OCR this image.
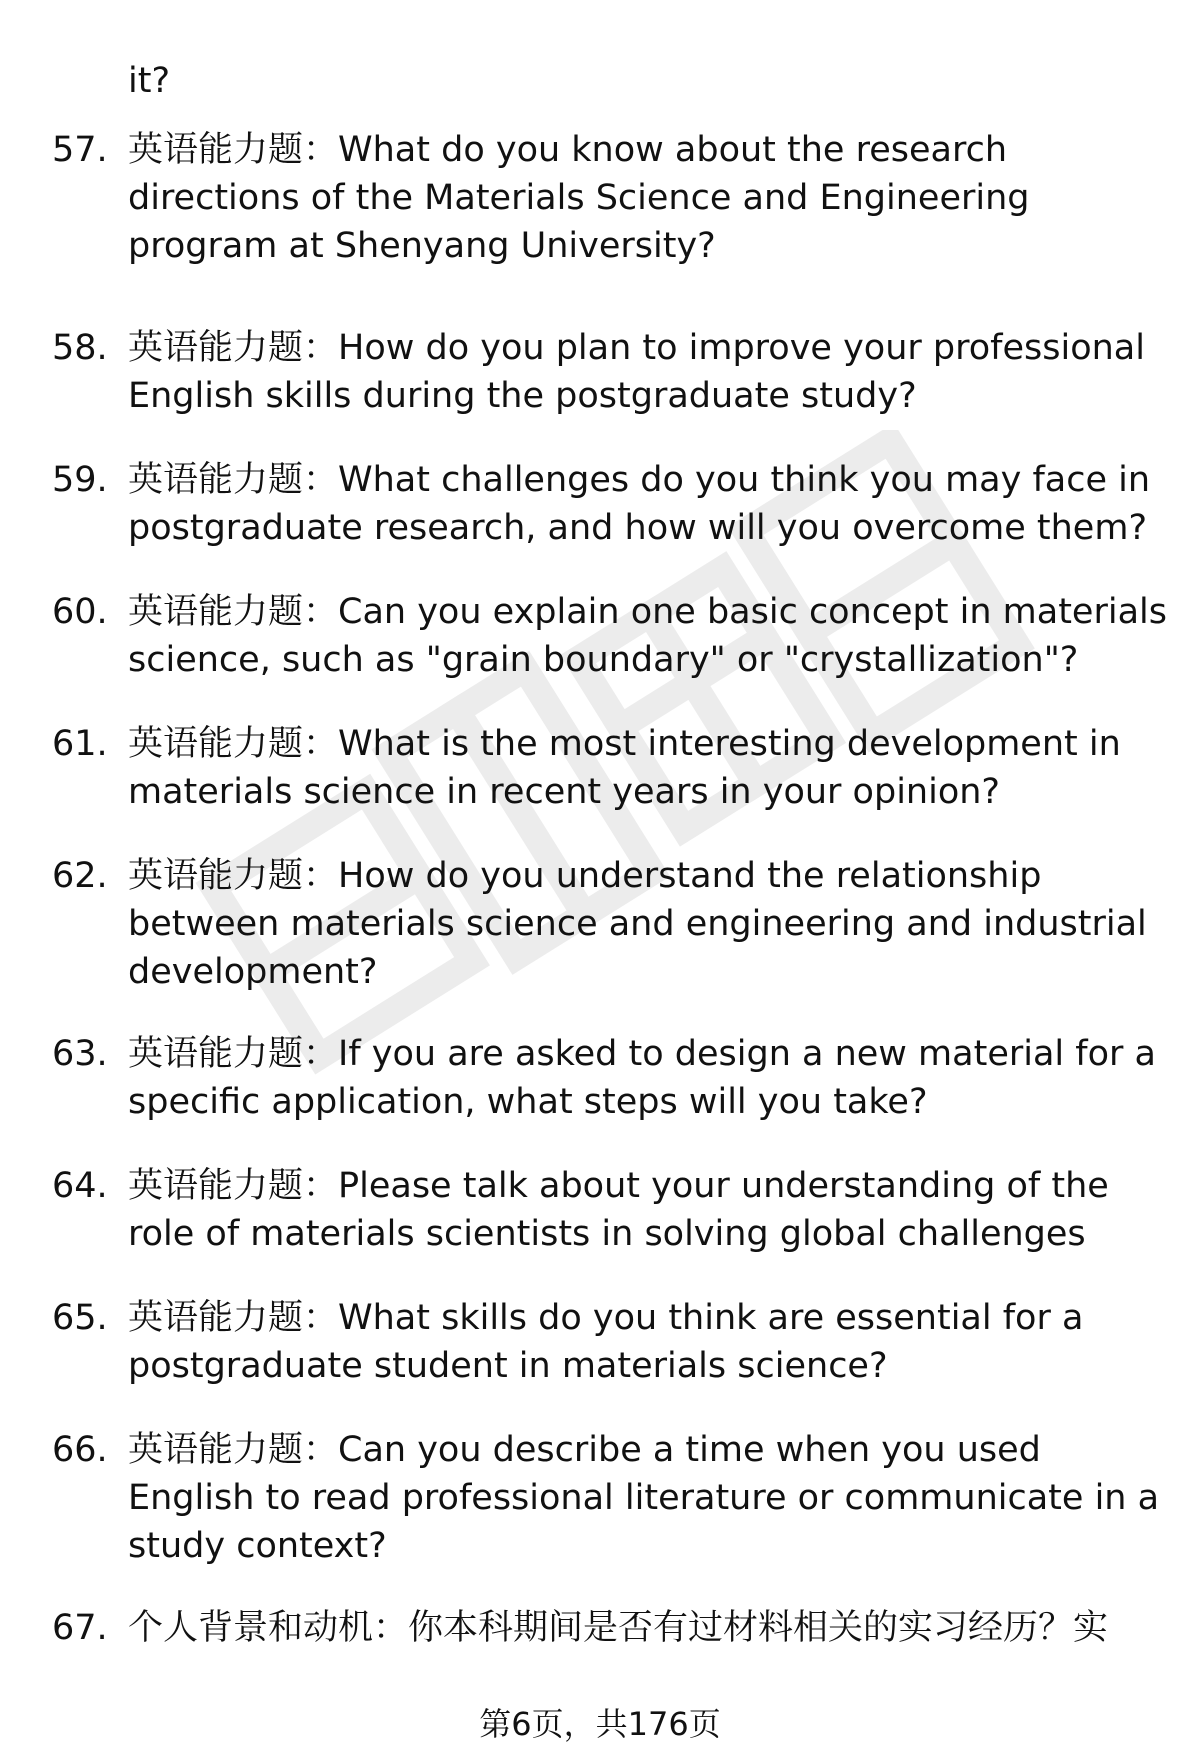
it?
57. 英语能力题：What do you know about the research
directions of the Materials Science and Engineering
program at Shenyang University?
58. 英语能力题：How do you plan to improve your professional
English skills during the postgraduate study?
59. 英语能力题：What challenges do you think you may face in
postgraduate research, and how will you overcome them?
60. 英语能力题：Can you explain one basic concept in materials
science, such as "grain boundary" or "crystallization"?
61. 英语能力题：What is the most interesting development in
materials science in recent years in your opinion?
62. 英语能力题：How do you understand the relationship
between materials science and engineering and industrial
development?
63. 英语能力题：If you are asked to design a new material for a
specific application, what steps will you take?
64. 英语能力题：Please talk about your understanding of the
role of materials scientists in solving global challenges
65. 英语能力题：What skills do you think are essential for a
postgraduate student in materials science?
66. 英语能力题：Can you describe a time when you used
English to read professional literature or communicate in a
study context?
67. 个人背景和动机：你本科期间是否有过材料相关的实习经历？实
第6页，共176页
